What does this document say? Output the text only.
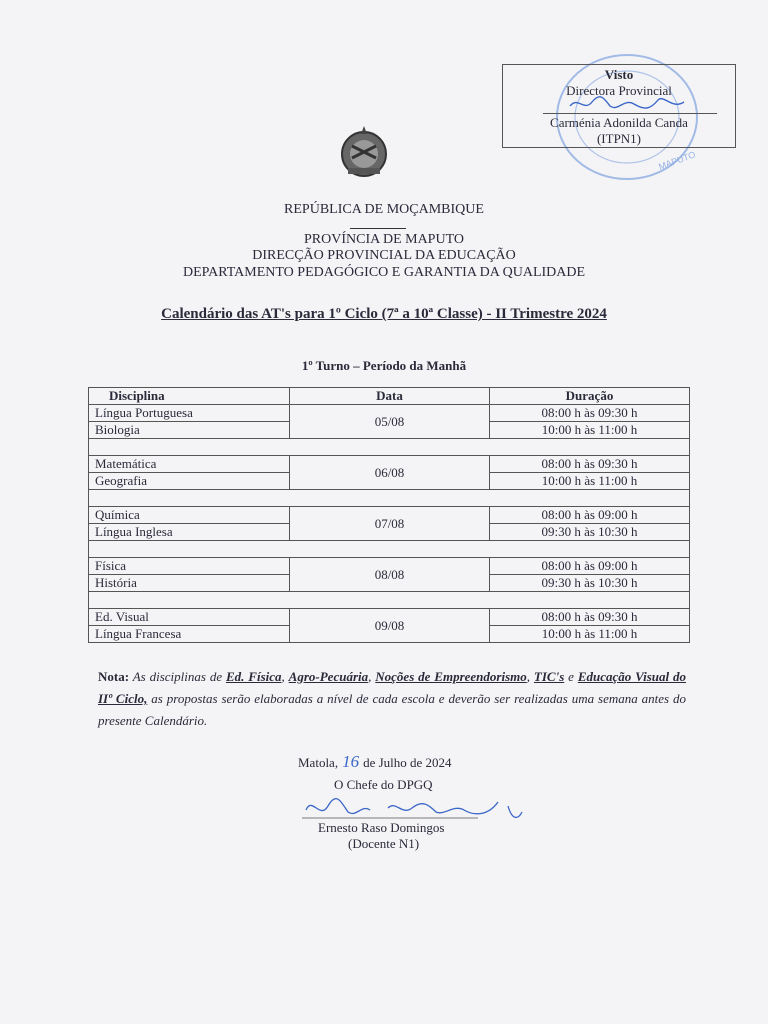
MAPUTO
Visto
Directora Provincial
Carménia Adonilda Canda
(ITPN1)
REPÚBLICA DE MOÇAMBIQUE
PROVÍNCIA DE MAPUTO
DIRECÇÃO PROVINCIAL DA EDUCAÇÃO
DEPARTAMENTO PEDAGÓGICO E GARANTIA DA QUALIDADE
Calendário das AT's para 1º Ciclo (7ª a 10ª Classe) - II Trimestre 2024
1º Turno – Período da Manhã
Disciplina	Data	Duração
Língua Portuguesa	05/08	08:00 h às 09:30 h
Biologia		10:00 h às 11:00 h

Matemática	06/08	08:00 h às 09:30 h
Geografia		10:00 h às 11:00 h

Química	07/08	08:00 h às 09:00 h
Língua Inglesa		09:30 h às 10:30 h

Física	08/08	08:00 h às 09:00 h
História		09:30 h às 10:30 h

Ed. Visual	09/08	08:00 h às 09:30 h
Língua Francesa		10:00 h às 11:00 h
Nota: As disciplinas de Ed. Física, Agro-Pecuária, Noções de Empreendorismo, TIC's e Educação Visual do IIº Ciclo, as propostas serão elaboradas a nível de cada escola e deverão ser realizadas uma semana antes do presente Calendário.
Matola, 16 de Julho de 2024
O Chefe do DPGQ
Ernesto Raso Domingos
(Docente N1)
